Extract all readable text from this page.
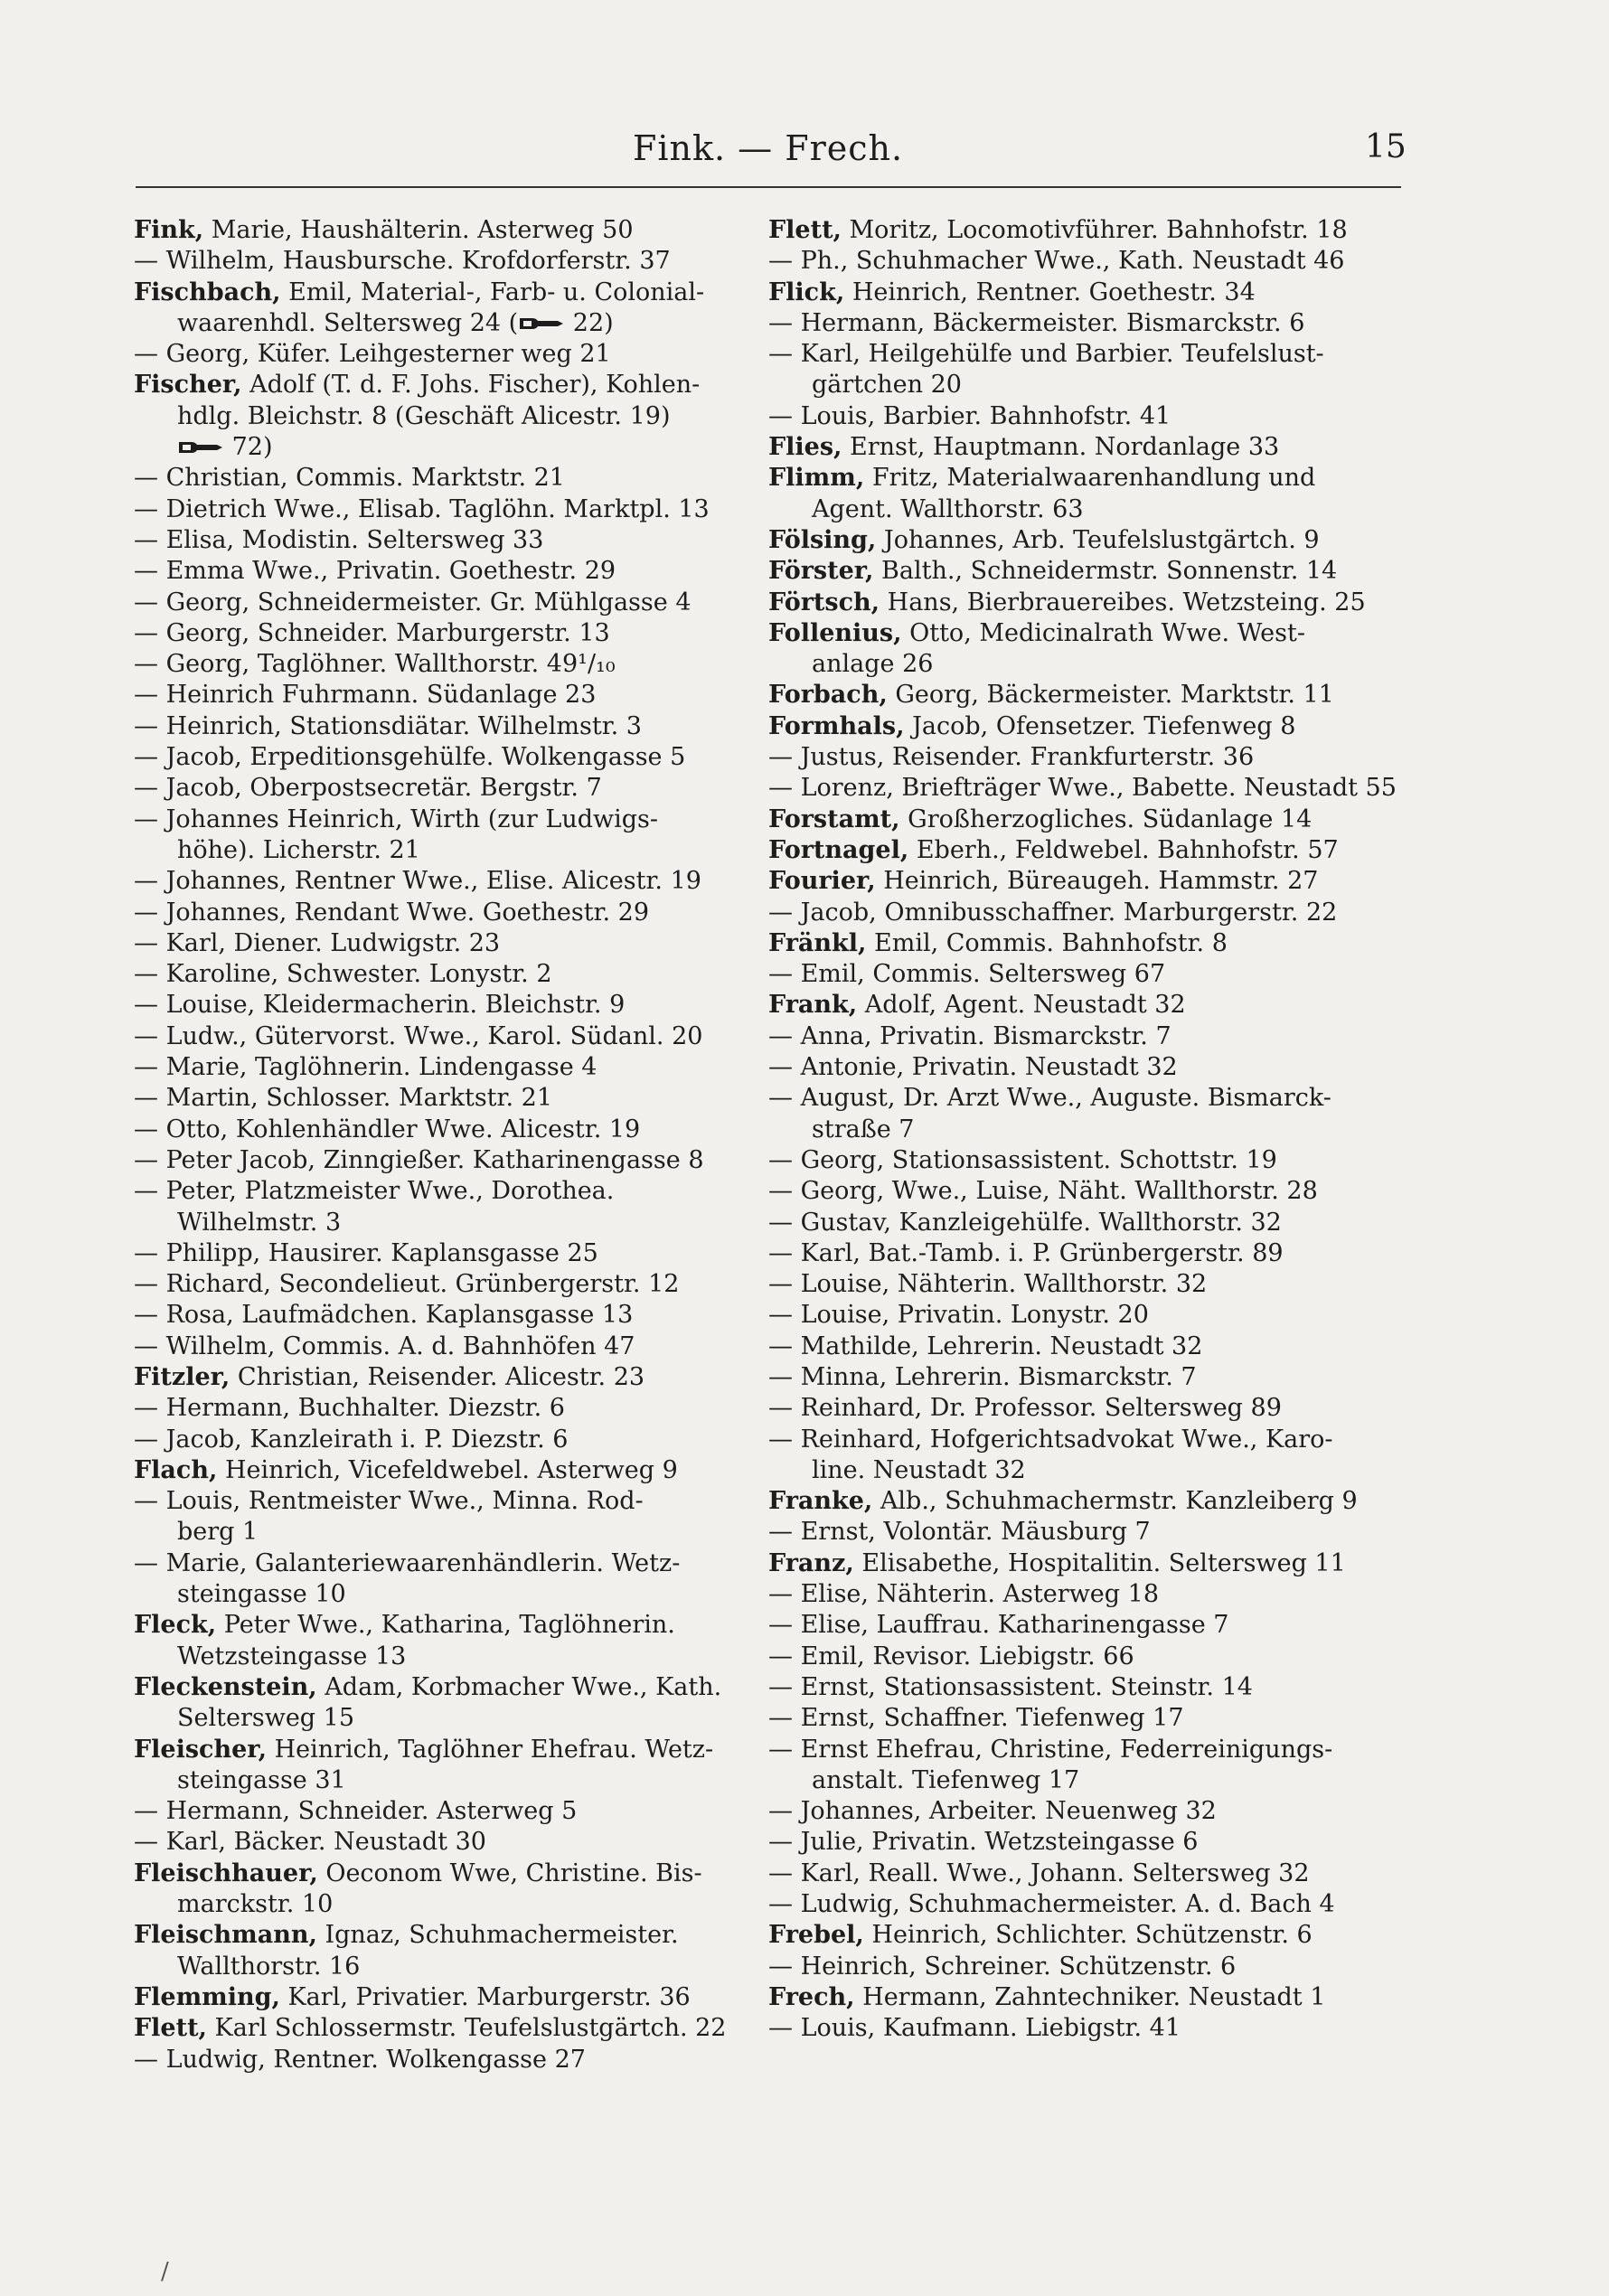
Fink. — Frech.	15
Fink, Marie, Haushälterin. Asterweg 50
— Wilhelm, Hausbursche. Krofdorferstr. 37
Fischbach, Emil, Material-, Farb- u. Colonial-
waarenhdl. Seltersweg 24 (
22)
— Georg, Küfer. Leihgesterner weg 21
Fischer, Adolf (T. d. F. Johs. Fischer), Kohlen-
hdlg. Bleichstr. 8 (Geschäft Alicestr. 19)
72)
— Christian, Commis. Marktstr. 21
— Dietrich Wwe., Elisab. Taglöhn. Marktpl. 13
— Elisa, Modistin. Seltersweg 33
— Emma Wwe., Privatin. Goethestr. 29
— Georg, Schneidermeister. Gr. Mühlgasse 4
— Georg, Schneider. Marburgerstr. 13
— Georg, Taglöhner. Wallthorstr. 49¹/₁₀
— Heinrich Fuhrmann. Südanlage 23
— Heinrich, Stationsdiätar. Wilhelmstr. 3
— Jacob, Erpeditionsgehülfe. Wolkengasse 5
— Jacob, Oberpostsecretär. Bergstr. 7
— Johannes Heinrich, Wirth (zur Ludwigs-
höhe). Licherstr. 21
— Johannes, Rentner Wwe., Elise. Alicestr. 19
— Johannes, Rendant Wwe. Goethestr. 29
— Karl, Diener. Ludwigstr. 23
— Karoline, Schwester. Lonystr. 2
— Louise, Kleidermacherin. Bleichstr. 9
— Ludw., Gütervorst. Wwe., Karol. Südanl. 20
— Marie, Taglöhnerin. Lindengasse 4
— Martin, Schlosser. Marktstr. 21
— Otto, Kohlenhändler Wwe. Alicestr. 19
— Peter Jacob, Zinngießer. Katharinengasse 8
— Peter, Platzmeister Wwe., Dorothea.
Wilhelmstr. 3
— Philipp, Hausirer. Kaplansgasse 25
— Richard, Secondelieut. Grünbergerstr. 12
— Rosa, Laufmädchen. Kaplansgasse 13
— Wilhelm, Commis. A. d. Bahnhöfen 47
Fitzler, Christian, Reisender. Alicestr. 23
— Hermann, Buchhalter. Diezstr. 6
— Jacob, Kanzleirath i. P. Diezstr. 6
Flach, Heinrich, Vicefeldwebel. Asterweg 9
— Louis, Rentmeister Wwe., Minna. Rod-
berg 1
— Marie, Galanteriewaarenhändlerin. Wetz-
steingasse 10
Fleck, Peter Wwe., Katharina, Taglöhnerin.
Wetzsteingasse 13
Fleckenstein, Adam, Korbmacher Wwe., Kath.
Seltersweg 15
Fleischer, Heinrich, Taglöhner Ehefrau. Wetz-
steingasse 31
— Hermann, Schneider. Asterweg 5
— Karl, Bäcker. Neustadt 30
Fleischhauer, Oeconom Wwe, Christine. Bis-
marckstr. 10
Fleischmann, Ignaz, Schuhmachermeister.
Wallthorstr. 16
Flemming, Karl, Privatier. Marburgerstr. 36
Flett, Karl Schlossermstr. Teufelslustgärtch. 22
— Ludwig, Rentner. Wolkengasse 27
Flett, Moritz, Locomotivführer. Bahnhofstr. 18
— Ph., Schuhmacher Wwe., Kath. Neustadt 46
Flick, Heinrich, Rentner. Goethestr. 34
— Hermann, Bäckermeister. Bismarckstr. 6
— Karl, Heilgehülfe und Barbier. Teufelslust-
gärtchen 20
— Louis, Barbier. Bahnhofstr. 41
Flies, Ernst, Hauptmann. Nordanlage 33
Flimm, Fritz, Materialwaarenhandlung und
Agent. Wallthorstr. 63
Fölsing, Johannes, Arb. Teufelslustgärtch. 9
Förster, Balth., Schneidermstr. Sonnenstr. 14
Förtsch, Hans, Bierbrauereibes. Wetzsteing. 25
Follenius, Otto, Medicinalrath Wwe. West-
anlage 26
Forbach, Georg, Bäckermeister. Marktstr. 11
Formhals, Jacob, Ofensetzer. Tiefenweg 8
— Justus, Reisender. Frankfurterstr. 36
— Lorenz, Briefträger Wwe., Babette. Neustadt 55
Forstamt, Großherzogliches. Südanlage 14
Fortnagel, Eberh., Feldwebel. Bahnhofstr. 57
Fourier, Heinrich, Büreaugeh. Hammstr. 27
— Jacob, Omnibusschaffner. Marburgerstr. 22
Fränkl, Emil, Commis. Bahnhofstr. 8
— Emil, Commis. Seltersweg 67
Frank, Adolf, Agent. Neustadt 32
— Anna, Privatin. Bismarckstr. 7
— Antonie, Privatin. Neustadt 32
— August, Dr. Arzt Wwe., Auguste. Bismarck-
straße 7
— Georg, Stationsassistent. Schottstr. 19
— Georg, Wwe., Luise, Näht. Wallthorstr. 28
— Gustav, Kanzleigehülfe. Wallthorstr. 32
— Karl, Bat.-Tamb. i. P. Grünbergerstr. 89
— Louise, Nähterin. Wallthorstr. 32
— Louise, Privatin. Lonystr. 20
— Mathilde, Lehrerin. Neustadt 32
— Minna, Lehrerin. Bismarckstr. 7
— Reinhard, Dr. Professor. Seltersweg 89
— Reinhard, Hofgerichtsadvokat Wwe., Karo-
line. Neustadt 32
Franke, Alb., Schuhmachermstr. Kanzleiberg 9
— Ernst, Volontär. Mäusburg 7
Franz, Elisabethe, Hospitalitin. Seltersweg 11
— Elise, Nähterin. Asterweg 18
— Elise, Lauffrau. Katharinengasse 7
— Emil, Revisor. Liebigstr. 66
— Ernst, Stationsassistent. Steinstr. 14
— Ernst, Schaffner. Tiefenweg 17
— Ernst Ehefrau, Christine, Federreinigungs-
anstalt. Tiefenweg 17
— Johannes, Arbeiter. Neuenweg 32
— Julie, Privatin. Wetzsteingasse 6
— Karl, Reall. Wwe., Johann. Seltersweg 32
— Ludwig, Schuhmachermeister. A. d. Bach 4
Frebel, Heinrich, Schlichter. Schützenstr. 6
— Heinrich, Schreiner. Schützenstr. 6
Frech, Hermann, Zahntechniker. Neustadt 1
— Louis, Kaufmann. Liebigstr. 41
/
